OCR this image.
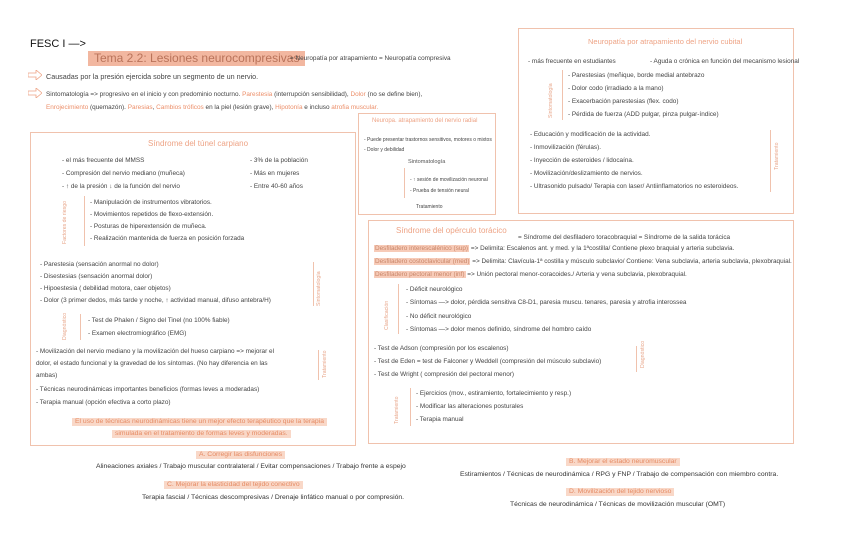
FESC I —>
Tema 2.2: Lesiones neurocompresivas
= Neuropatía por atrapamiento = Neuropatía compresiva
Causadas por la presión ejercida sobre un segmento de un nervio.
Sintomatología => progresivo en el inicio y con predominio nocturno. Parestesia (interrupción sensibilidad), Dolor (no se define bien),
Enrojecimiento (quemazón). Paresias, Cambios tróficos en la piel (lesión grave), Hipotonía e incluso atrofia muscular.
Síndrome del túnel carpiano
- el más frecuente del MMSS
- Compresión del nervio mediano (muñeca)
- ↑ de la presión ↓ de la función del nervio
- 3% de la población
- Más en mujeres
- Entre 40-60 años
Factores de riesgo	- Manipulación de instrumentos vibratorios.
- Movimientos repetidos de flexo-extensión.
- Posturas de hiperextensión de muñeca.
- Realización mantenida de fuerza en posición forzada
- Parestesia (sensación anormal no dolor)
- Disestesias (sensación anormal dolor)
- Hipoestesia ( debilidad motora, caer objetos)
- Dolor (3 primer dedos, más tarde y noche, ↑ actividad manual, difuso antebra/H)	Sintomatología
Diagnóstico	- Test de Phalen / Signo del Tinel (no 100% fiable)
- Examen electromiográfico (EMG)
- Movilización del nervio mediano y la movilización del hueso carpiano => mejorar el
dolor, el estado funcional y la gravedad de los síntomas. (No hay diferencia en las
ambas)
- Técnicas neurodinámicas importantes beneficios (formas leves a moderadas)
- Terapia manual (opción efectiva a corto plazo)
Tratamiento
El uso de técnicas neurodinámicas tiene un mejor efecto terapéutico que la terapia
simulada en el tratamiento de formas leves y moderadas.
Neuropa. atrapamiento del nervio radial
- Puede presentar trastornos sensitivos, motores o mixtos
- Dolor y debilidad
Sintomatología
- ↑ sesión de movilización neuronal
- Prueba de tensión neural
Tratamiento
Neuropatía por atrapamiento del nervio cubital
- más frecuente en estudiantes	- Aguda o crónica en función del mecanismo lesional
Sintomatología
- Parestesias (meñique, borde medial antebrazo
- Dolor codo (irradiado a la mano)
- Exacerbación parestesias (flex. codo)
- Pérdida de fuerza (ADD pulgar, pinza pulgar-índice)
- Educación y modificación de la actividad.
- Inmovilización (férulas).
- Inyección de esteroides / lidocaína.
- Movilización/deslizamiento de nervios.
- Ultrasonido pulsado/ Terapia con laser/ Antiinflamatorios no esteroideos.
Tratamiento
Síndrome del opérculo torácico
= Síndrome del desfiladero toracobraquial = Síndrome de la salida torácica
Desfiladero interescalénico (sup) => Delimita: Escalenos ant. y med. y la 1ªcostilla/ Contiene plexo braquial y arteria subclavia.
Desfiladero costoclavicular (med) => Delimita: Clavícula-1ª costilla y músculo subclavio/ Contiene: Vena subclavia, arteria subclavia, plexobraquial.
Desfiladero pectoral menor (inf) => Unión pectoral menor-coracoides./ Arteria y vena subclavia, plexobraquial.
Clasificación
- Déficit neurológico
- Síntomas —> dolor, pérdida sensitiva C8-D1, paresia muscu. tenares, paresia y atrofia interossea
- No déficit neurológico
- Síntomas —> dolor menos definido, síndrome del hombro caído
- Test de Adson (compresión por los escalenos)
- Test de Eden = test de Falconer y Weddell (compresión del músculo subclavio)
- Test de Wright ( compresión del pectoral menor)
Diagnóstico
Tratamiento
- Ejercicios (mov., estiramiento, fortalecimiento y resp.)
- Modificar las alteraciones posturales
- Terapia manual
A. Corregir las disfunciones
Alineaciones axiales / Trabajo muscular contralateral / Evitar compensaciones / Trabajo frente a espejo
C. Mejorar la elasticidad del tejido conectivo
Terapia fascial / Técnicas descompresivas / Drenaje linfático manual o por compresión.
B. Mejorar el estado neuromuscular
Estiramientos / Técnicas de neurodinámica / RPG y FNP / Trabajo de compensación con miembro contra.
D. Movilización del tejido nervioso
Técnicas de neurodinámica / Técnicas de movilización muscular (OMT)
